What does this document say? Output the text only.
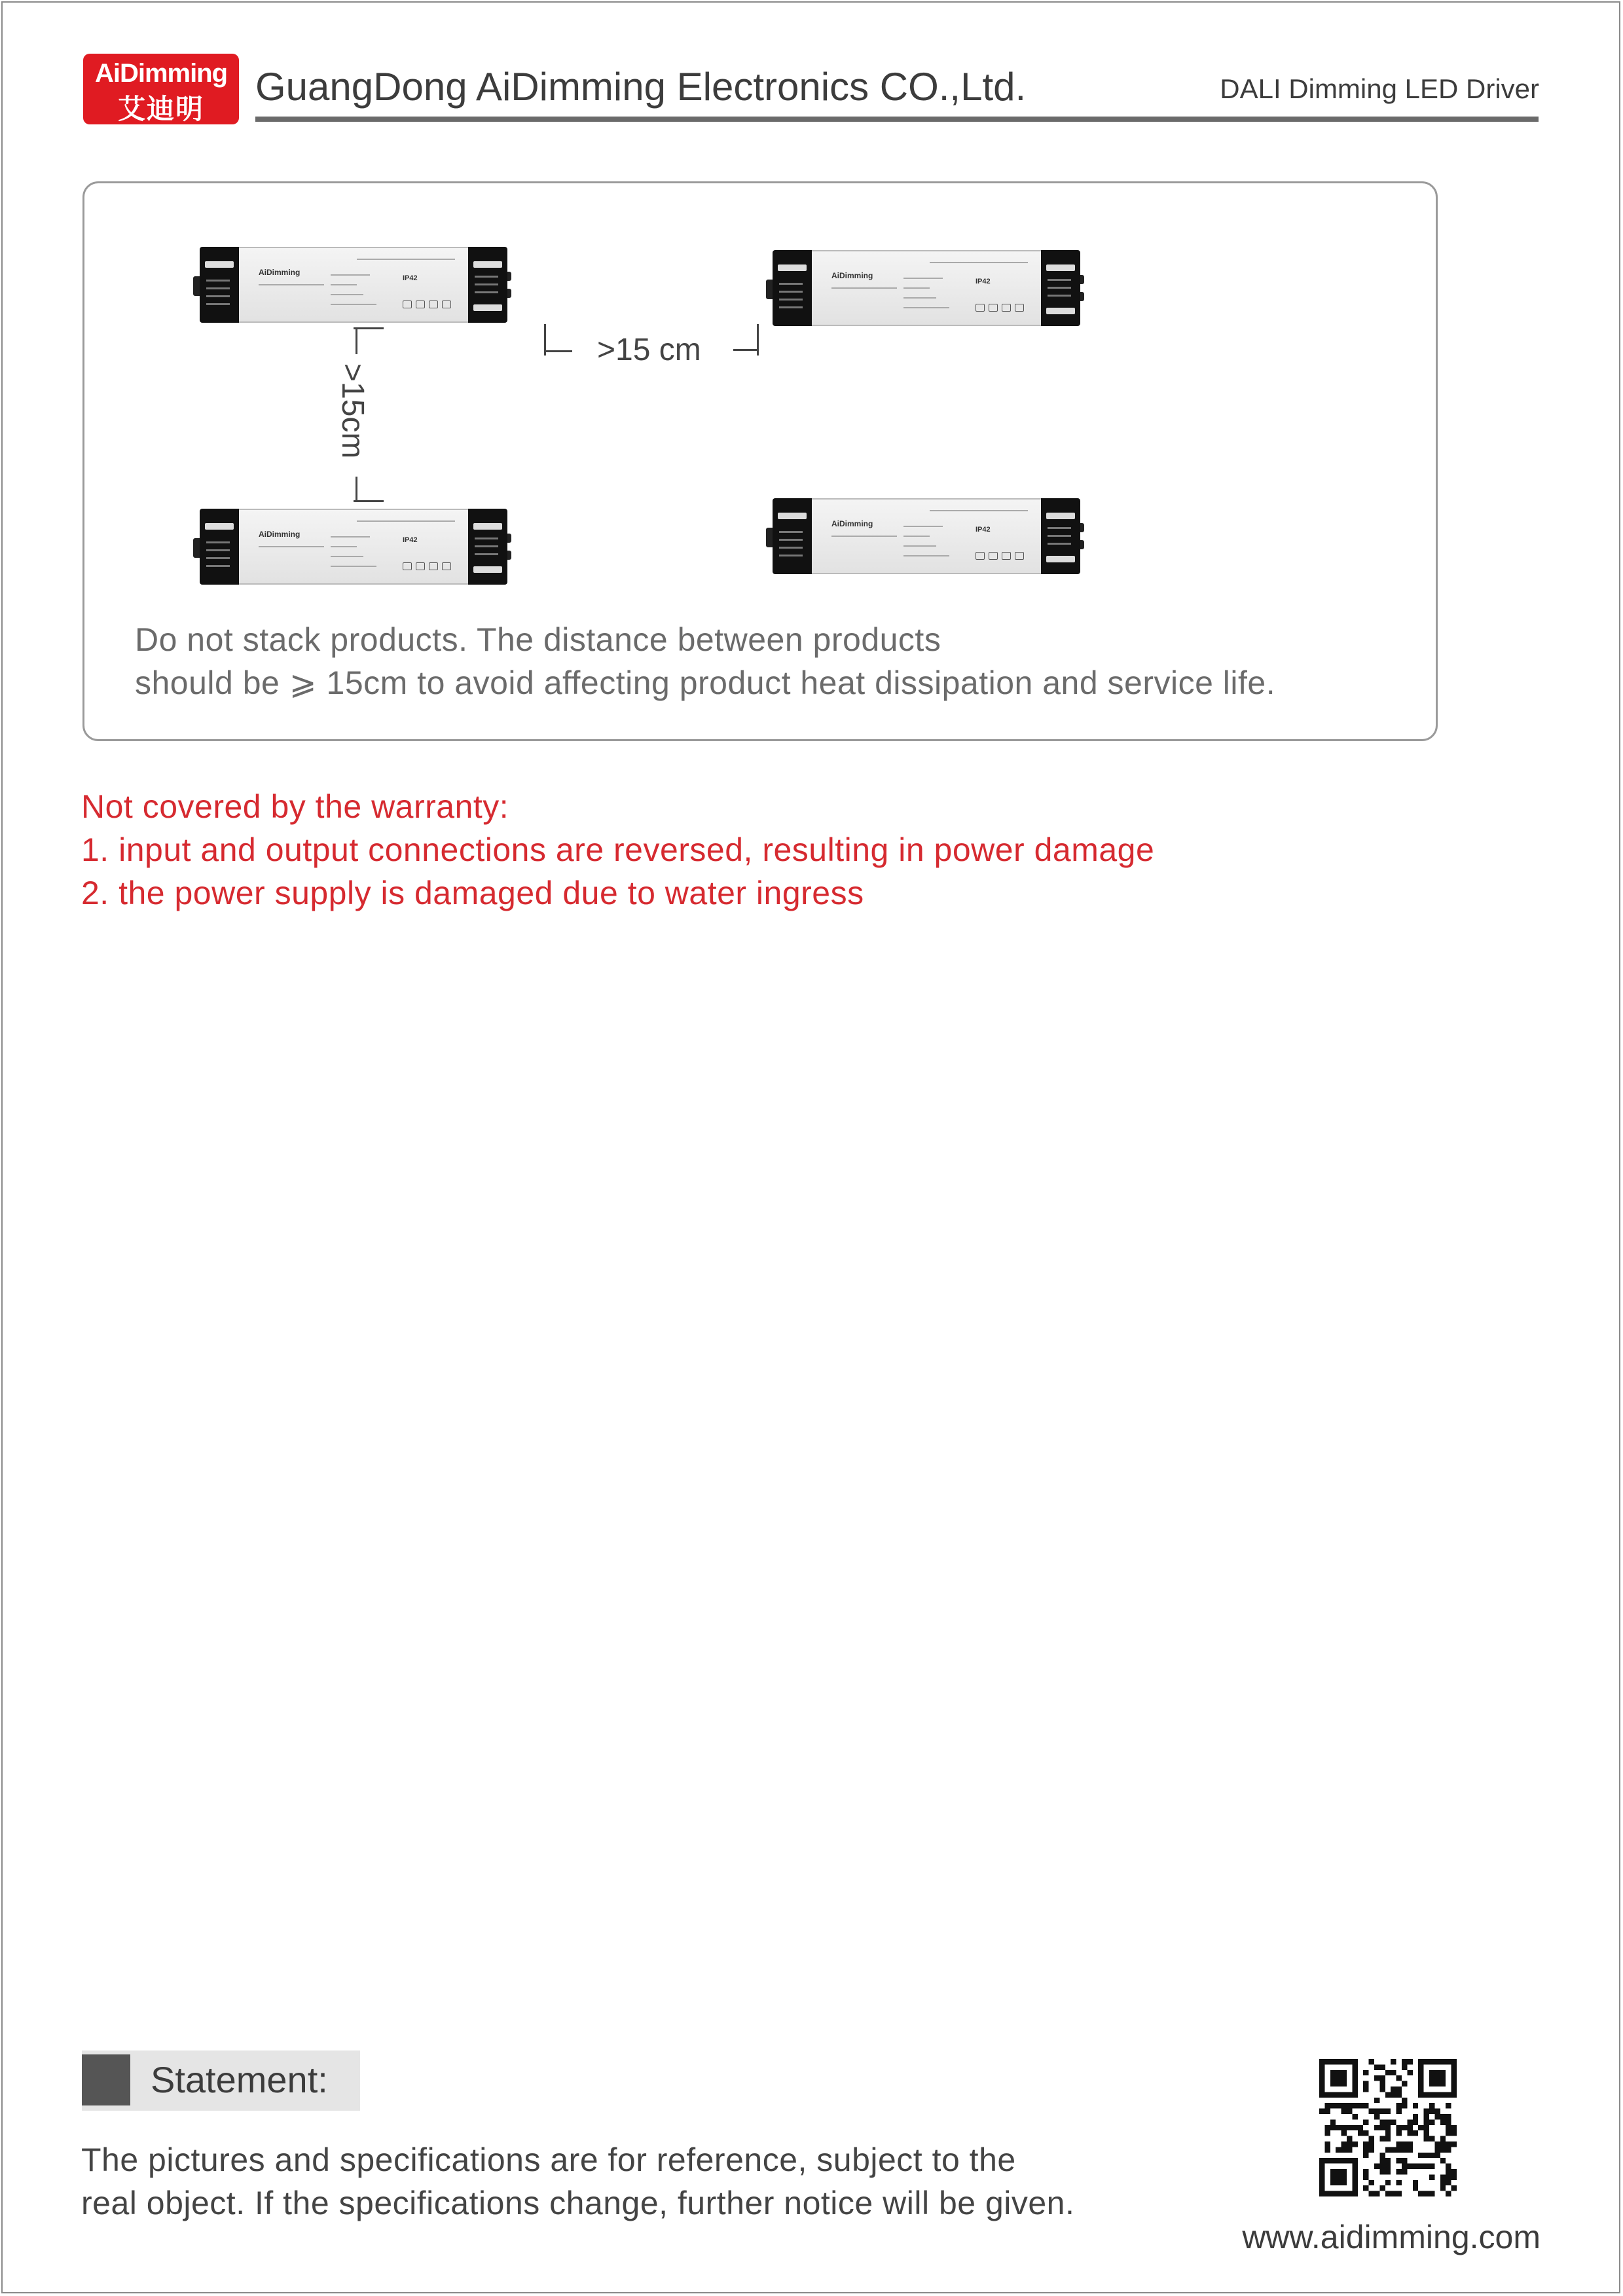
AiDimming
艾迪明
GuangDong AiDimming Electronics CO.,Ltd.	DALI Dimming LED Driver
AiDimming
IP42	AiDimming
IP42
AiDimming
IP42
AiDimming
IP42
>15 cm
>15cm
Do not stack products. The distance between products
should be ⩾ 15cm to avoid affecting product heat dissipation and service life.
Not covered by the warranty:
1. input and output connections are reversed, resulting in power damage
2. the power supply is damaged due to water ingress
Statement:
The pictures and specifications are for reference, subject to the
real object. If the specifications change, further notice will be given.
www.aidimming.com
